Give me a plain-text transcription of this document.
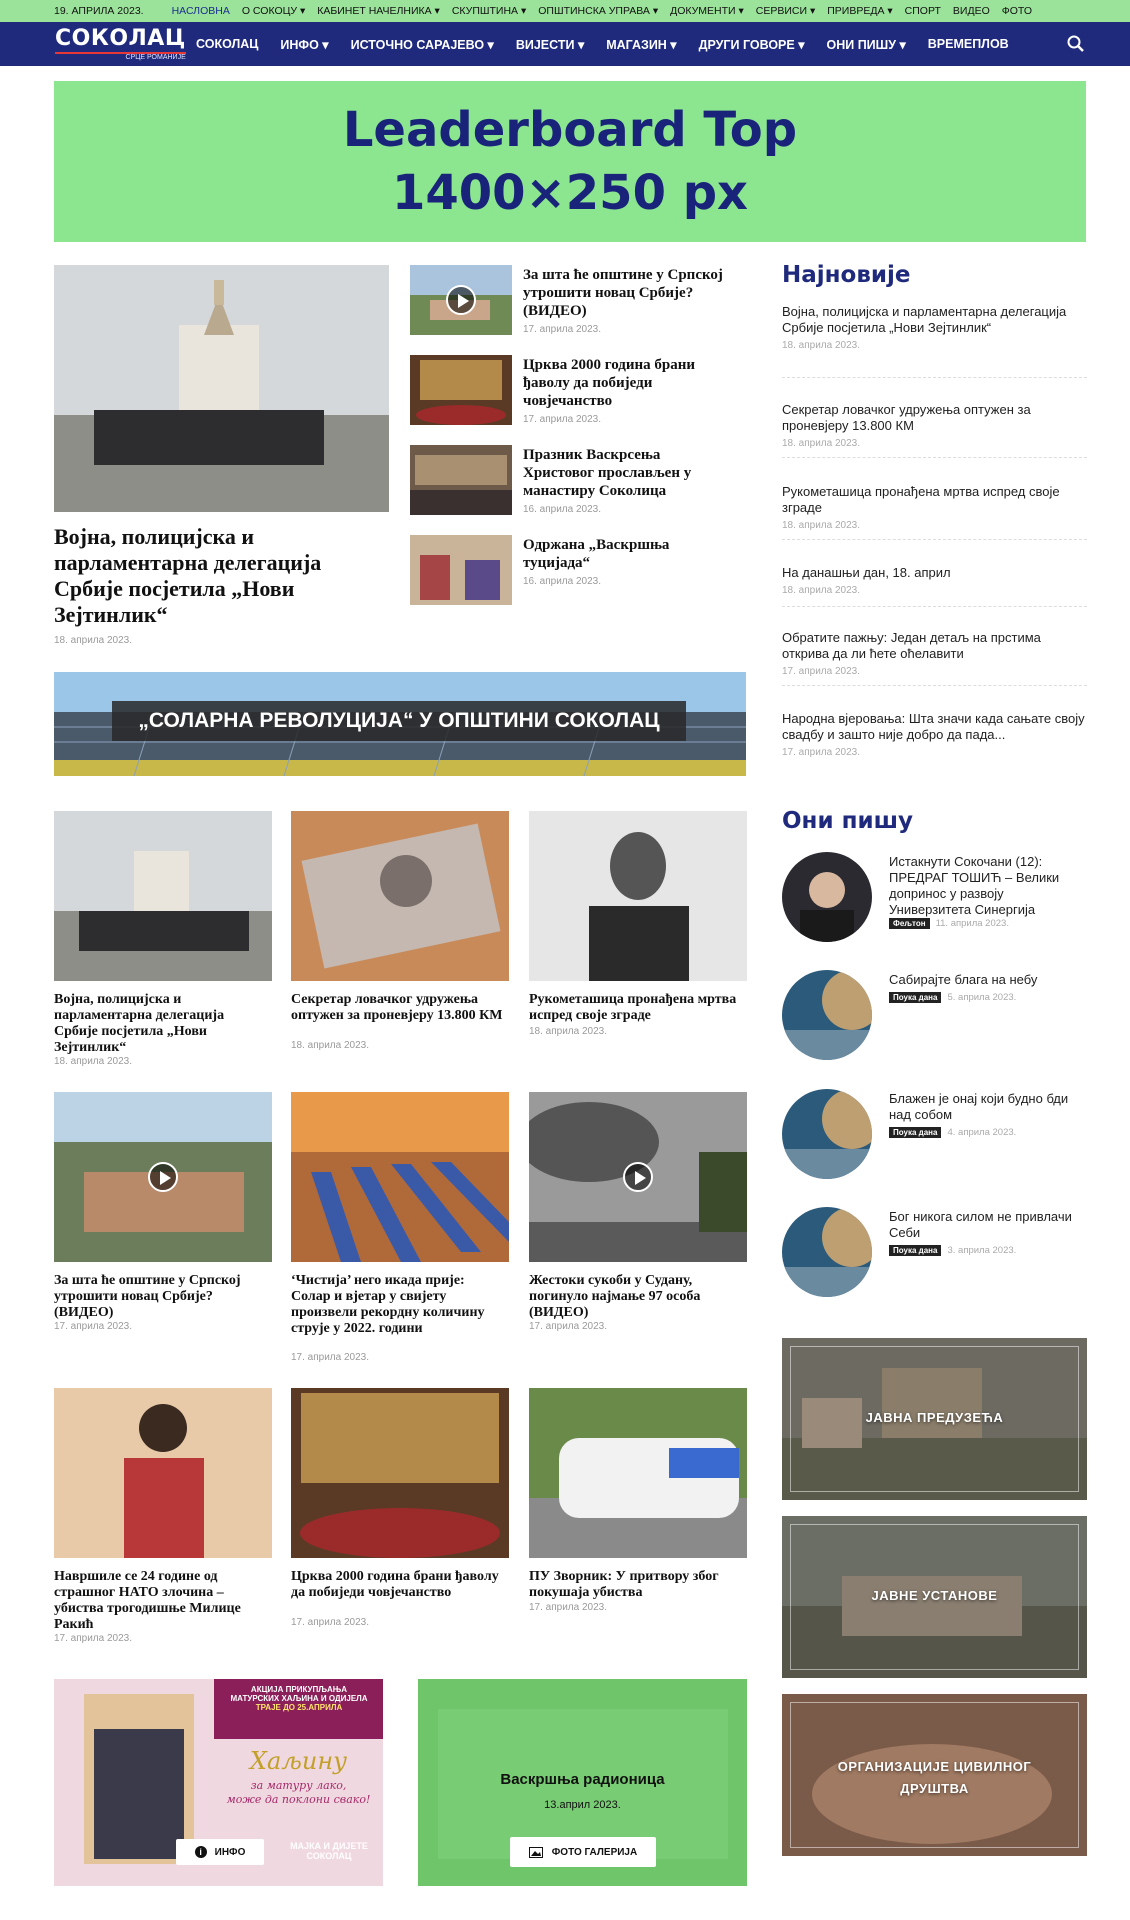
19. АПРИЛА 2023.	НАСЛОВНА О СОКОЦУ ▾ КАБИНЕТ НАЧЕЛНИКА ▾ СКУПШТИНА ▾ ОПШТИНСКА УПРАВА ▾ ДОКУМЕНТИ ▾ СЕРВИСИ ▾ ПРИВРЕДА ▾ СПОРТ ВИДЕО ФОТО
СОКОЛАЦ
СРЦЕ РОМАНИЈЕ
СОКОЛАЦ ИНФО ▾ ИСТОЧНО САРАЈЕВО ▾ ВИЈЕСТИ ▾ МАГАЗИН ▾ ДРУГИ ГОВОРЕ ▾ ОНИ ПИШУ ▾ ВРЕМЕПЛОВ
Leaderboard Top
1400×250 px
Војна, полицијска и парламентарна делегација Србије посјетила „Нови Зејтинлик“
18. априла 2023.
За шта ће општине у Српској утрошити новац Србије? (ВИДЕО)
17. априла 2023.
Црква 2000 година брани ђаволу да побиједи човјечанство
17. априла 2023.
Празник Васкрсења Христовог прослављен у манастиру Соколица
16. априла 2023.
Одржана „Васкршња туцијада“
16. априла 2023.
„СОЛАРНА РЕВОЛУЦИЈА“ У ОПШТИНИ СОКОЛАЦ
Војна, полицијска и парламентарна делегација Србије посјетила „Нови Зејтинлик“
18. априла 2023.
Секретар ловачког удружења оптужен за проневјеру 13.800 КМ
18. априла 2023.
Рукометашица пронађена мртва испред своје зграде
18. априла 2023.
За шта ће општине у Српској утрошити новац Србије? (ВИДЕО)
17. априла 2023.
‘Чистија’ него икада прије: Солар и вјетар у свијету произвели рекордну количину струје у 2022. години
17. априла 2023.
Жестоки сукоби у Судану, погинуло најмање 97 особа (ВИДЕО)
17. априла 2023.
Навршиле се 24 године од страшног НАТО злочина – убиства трогодишње Милице Ракић
17. априла 2023.
Црква 2000 година брани ђаволу да побиједи човјечанство
17. априла 2023.
ПУ Зворник: У притвору због покушаја убиства
17. априла 2023.
АКЦИЈА ПРИКУПЉАЊА
МАТУРСКИХ ХАЉИНА И ОДИЈЕЛА
ТРАЈЕ ДО 25.АПРИЛА
Хаљину
за матуру лако,
може да поклони свако!
i	ИНФО
МАЈКА И ДИЈЕТЕ
СОКОЛАЦ
Васкршња радионица
13.април 2023.
ФОТО ГАЛЕРИЈА
Најновије
Војна, полицијска и парламентарна делегација Србије посјетила „Нови Зејтинлик“
18. априла 2023.
Секретар ловачког удружења оптужен за проневјеру 13.800 КМ
18. априла 2023.
Рукометашица пронађена мртва испред своје зграде
18. априла 2023.
На данашњи дан, 18. април
18. априла 2023.
Обратите пажњу: Један детаљ на прстима открива да ли ћете оћелавити
17. априла 2023.
Народна вјеровања: Шта значи када сањате своју свадбу и зашто није добро да пада...
17. априла 2023.
Они пишу
Истакнути Сокочани (12): ПРЕДРАГ ТОШИЋ – Велики допринос у развоју Универзитета Синергија
Фељтон 11. априла 2023.
Сабирајте блага на небу
Поука дана 5. априла 2023.
Блажен је онај који будно бди над собом
Поука дана 4. априла 2023.
Бог никога силом не привлачи Себи
Поука дана 3. априла 2023.
ЈАВНА ПРЕДУЗЕЋА
ЈАВНЕ УСТАНОВЕ
ОРГАНИЗАЦИЈЕ ЦИВИЛНОГ ДРУШТВА
